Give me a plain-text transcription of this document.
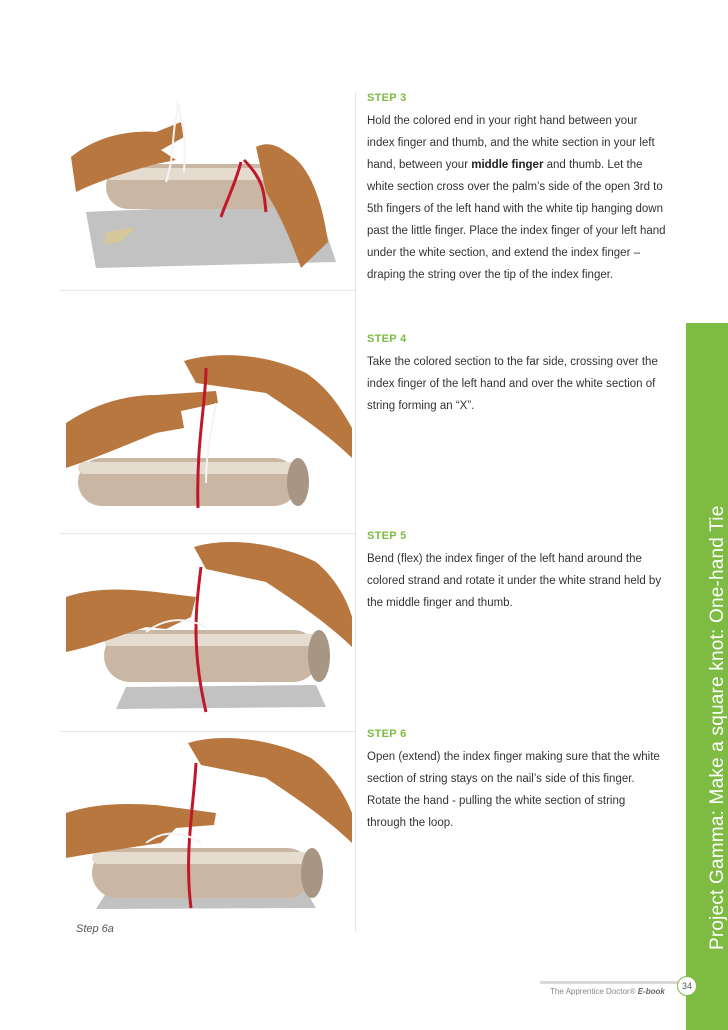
Step 6a

STEP 3

Hold the colored end in your right hand between your index finger and thumb, and the white section in your left hand, between your middle finger and thumb. Let the white section cross over the palm’s side of the open 3rd to 5th fingers of the left hand with the white tip hanging down past the little finger. Place the index finger of your left hand under the white section, and extend the index finger – draping the string over the tip of the index finger.

STEP 4

Take the colored section to the far side, crossing over the index finger of the left hand and over the white section of string forming an “X”.

STEP 5

Bend (flex) the index finger of the left hand around the colored strand and rotate it under the white strand held by the middle finger and thumb.

STEP 6

Open (extend) the index finger making sure that the white section of string stays on the nail’s side of this finger. Rotate the hand - pulling the white section of string through the loop.	Project Gamma: Make a square knot: One-hand Tie
The Apprentice Doctor® E-book
34
